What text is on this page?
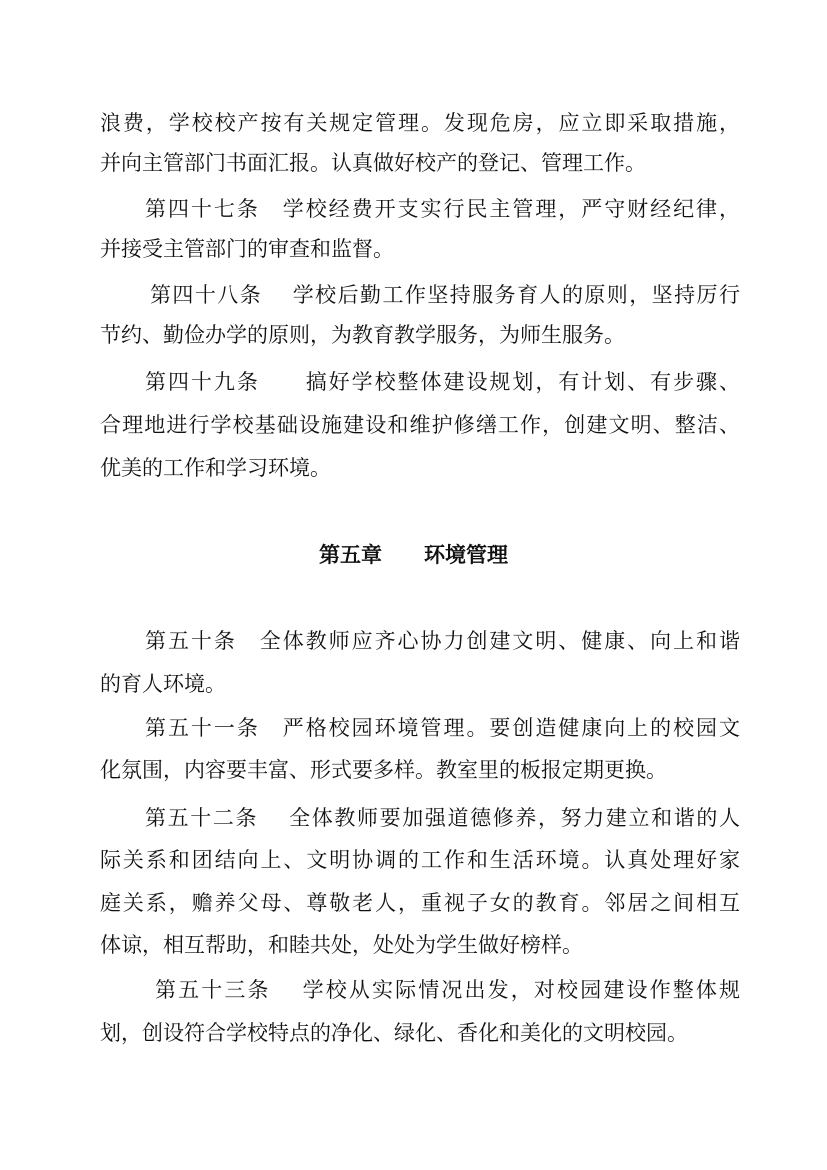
浪费，学校校产按有关规定管理。发现危房，应立即采取措施，
并向主管部门书面汇报。认真做好校产的登记、管理工作。
第四十七条　学校经费开支实行民主管理，严守财经纪律，
并接受主管部门的审查和监督。
第四十八条　 学校后勤工作坚持服务育人的原则，坚持厉行
节约、勤俭办学的原则，为教育教学服务，为师生服务。
第四十九条　　搞好学校整体建设规划，有计划、有步骤、
合理地进行学校基础设施建设和维护修缮工作，创建文明、整洁、
优美的工作和学习环境。
第五章　　环境管理
第五十条　全体教师应齐心协力创建文明、健康、向上和谐
的育人环境。
第五十一条　严格校园环境管理。要创造健康向上的校园文
化氛围，内容要丰富、形式要多样。教室里的板报定期更换。
第五十二条　 全体教师要加强道德修养，努力建立和谐的人
际关系和团结向上、文明协调的工作和生活环境。认真处理好家
庭关系，赡养父母、尊敬老人，重视子女的教育。邻居之间相互
体谅，相互帮助，和睦共处，处处为学生做好榜样。
第五十三条　 学校从实际情况出发，对校园建设作整体规
划，创设符合学校特点的净化、绿化、香化和美化的文明校园。
